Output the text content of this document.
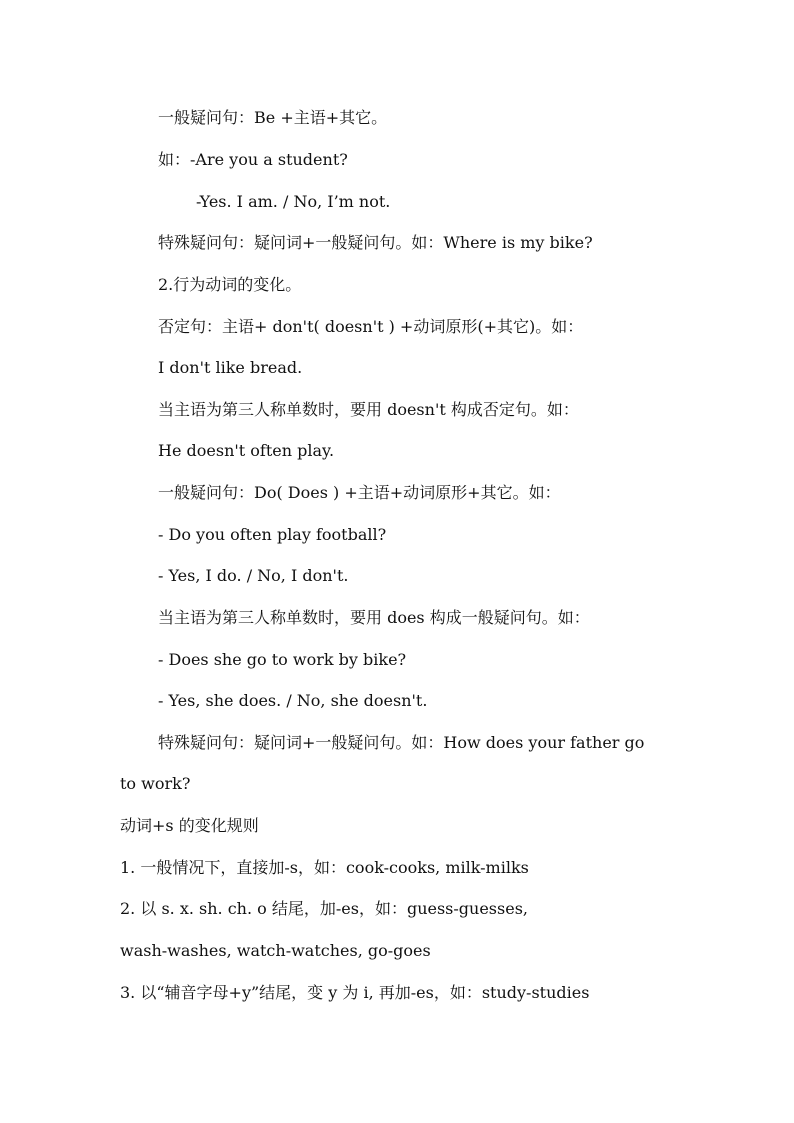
一般疑问句：Be +主语+其它。
如：-Are you a student?
-Yes. I am. / No, I’m not.
特殊疑问句：疑问词+一般疑问句。如：Where is my bike?
2.行为动词的变化。
否定句：主语+ don't( doesn't ) +动词原形(+其它)。如：
I don't like bread.
当主语为第三人称单数时，要用 doesn't 构成否定句。如：
He doesn't often play.
一般疑问句：Do( Does ) +主语+动词原形+其它。如：
- Do you often play football?
- Yes, I do. / No, I don't.
当主语为第三人称单数时，要用 does 构成一般疑问句。如：
- Does she go to work by bike?
- Yes, she does. / No, she doesn't.
特殊疑问句：疑问词+一般疑问句。如：How does your father go
to work?
动词+s 的变化规则
1. 一般情况下，直接加-s，如：cook-cooks, milk-milks
2. 以 s. x. sh. ch. o 结尾，加-es，如：guess-guesses,
wash-washes, watch-watches, go-goes
3. 以“辅音字母+y”结尾，变 y 为 i, 再加-es，如：study-studies
